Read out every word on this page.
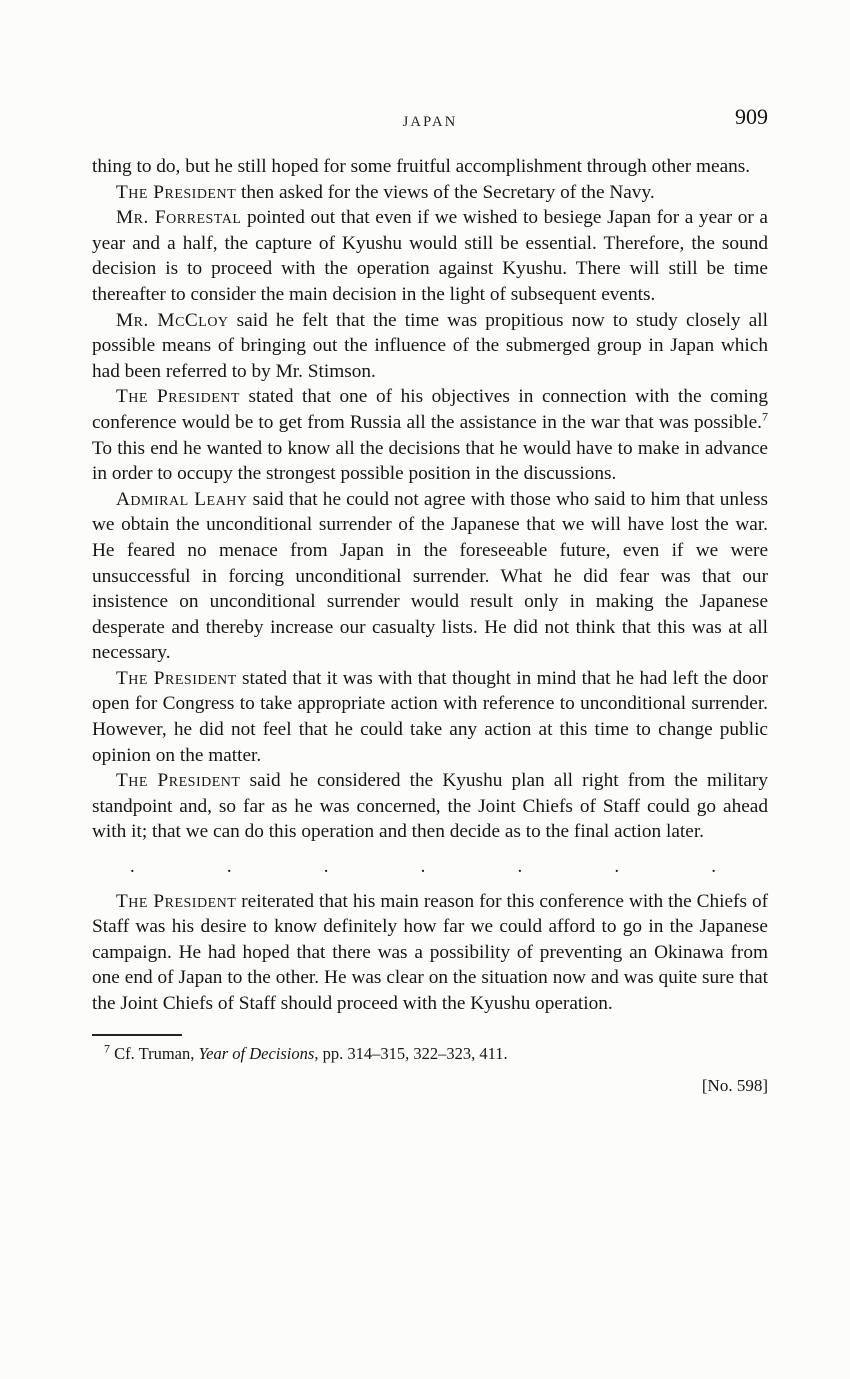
JAPAN	909

thing to do, but he still hoped for some fruitful accomplishment through other means.

The President then asked for the views of the Secretary of the Navy.

Mr. Forrestal pointed out that even if we wished to besiege Japan for a year or a year and a half, the capture of Kyushu would still be essential. Therefore, the sound decision is to proceed with the operation against Kyushu. There will still be time thereafter to consider the main decision in the light of subsequent events.

Mr. McCloy said he felt that the time was propitious now to study closely all possible means of bringing out the influence of the submerged group in Japan which had been referred to by Mr. Stimson.

The President stated that one of his objectives in connection with the coming conference would be to get from Russia all the assistance in the war that was possible.$^7$ To this end he wanted to know all the decisions that he would have to make in advance in order to occupy the strongest possible position in the discussions.

Admiral Leahy said that he could not agree with those who said to him that unless we obtain the unconditional surrender of the Japanese that we will have lost the war. He feared no menace from Japan in the foreseeable future, even if we were unsuccessful in forcing unconditional surrender. What he did fear was that our insistence on unconditional surrender would result only in making the Japanese desperate and thereby increase our casualty lists. He did not think that this was at all necessary.

The President stated that it was with that thought in mind that he had left the door open for Congress to take appropriate action with reference to unconditional surrender. However, he did not feel that he could take any action at this time to change public opinion on the matter.

The President said he considered the Kyushu plan all right from the military standpoint and, so far as he was concerned, the Joint Chiefs of Staff could go ahead with it; that we can do this operation and then decide as to the final action later.

.	.	.	.	.	.	.

The President reiterated that his main reason for this conference with the Chiefs of Staff was his desire to know definitely how far we could afford to go in the Japanese campaign. He had hoped that there was a possibility of preventing an Okinawa from one end of Japan to the other. He was clear on the situation now and was quite sure that the Joint Chiefs of Staff should proceed with the Kyushu operation.

$^7$ Cf. Truman, Year of Decisions, pp. 314–315, 322–323, 411.
[No. 598]
